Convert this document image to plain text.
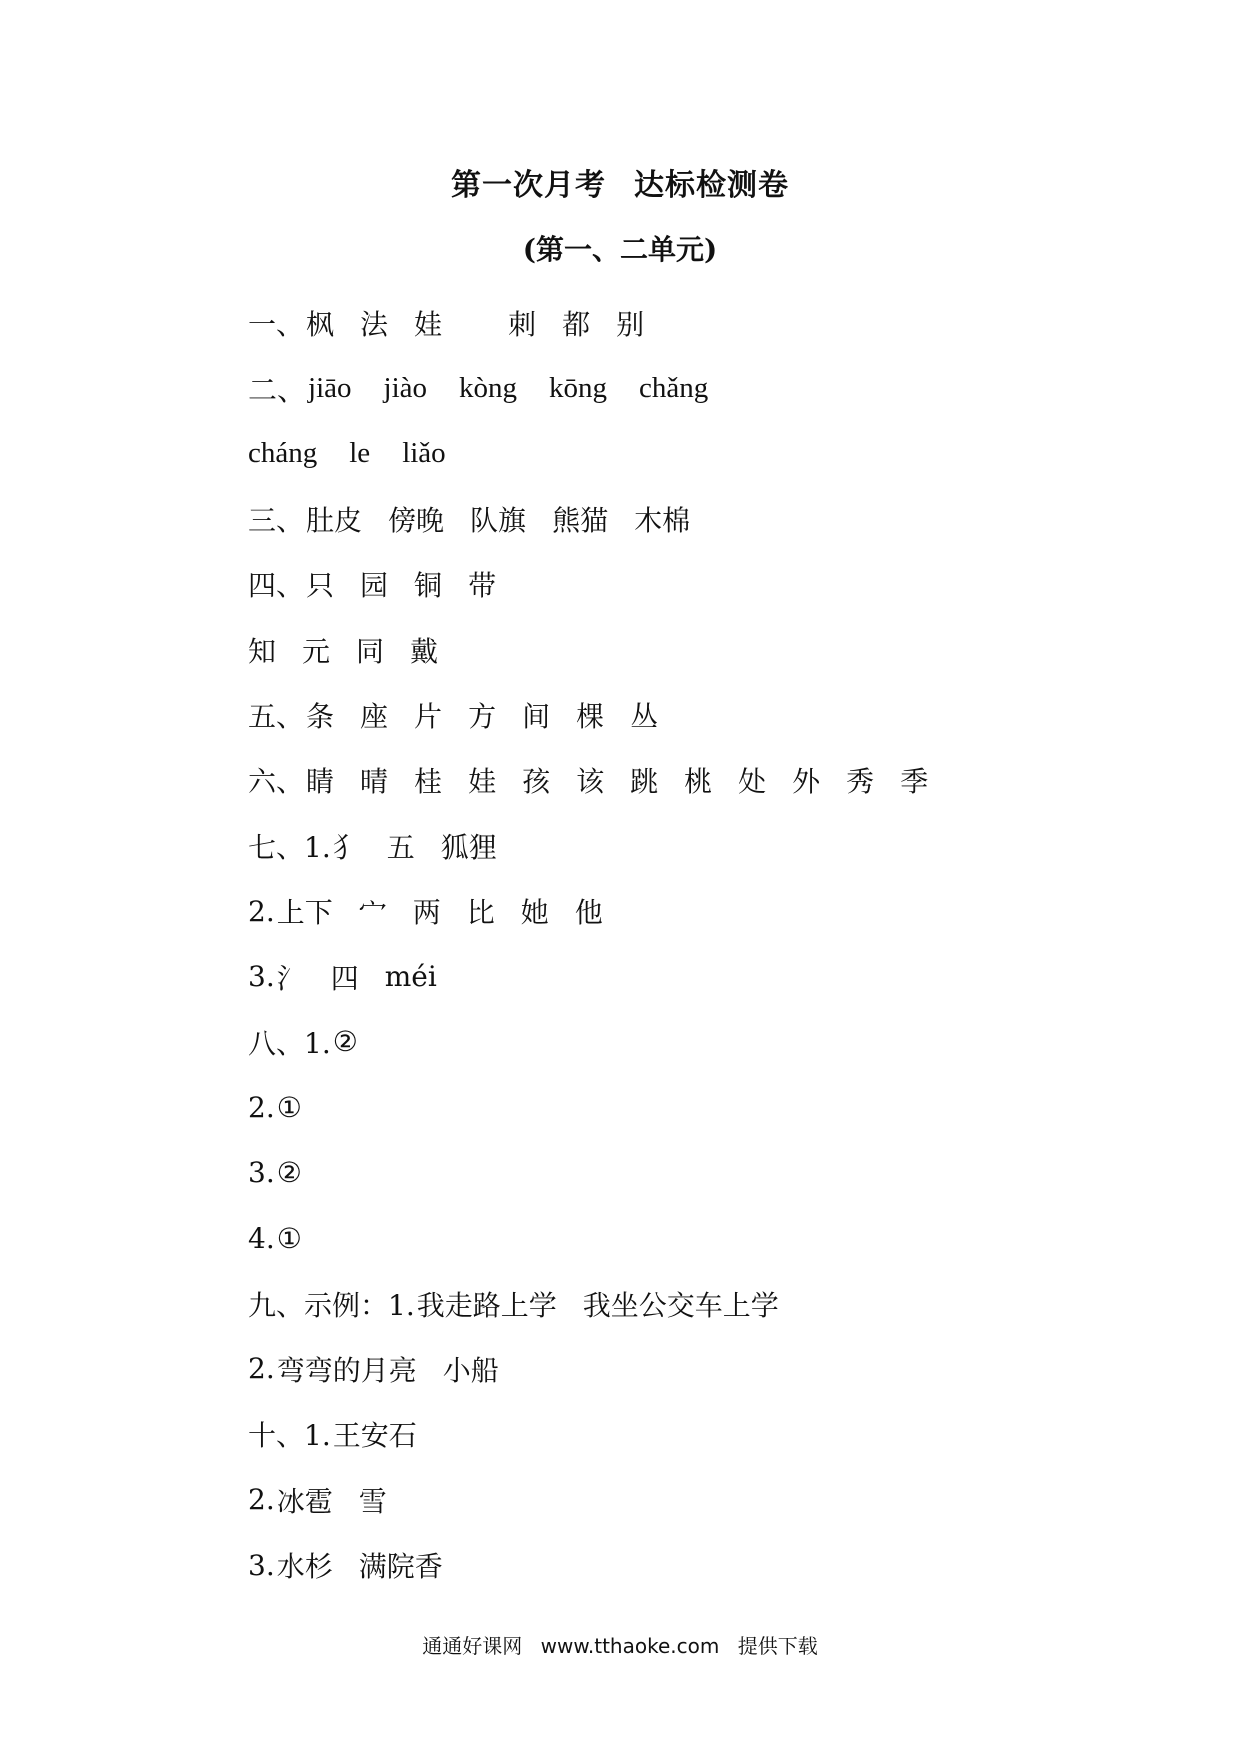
第一次月考 达标检测卷
(第一、二单元)
一、 枫 法 娃 刺 都 别
二、 jiāo jiào kòng kōng chǎng
cháng le liǎo
三、 肚皮 傍晚 队旗 熊猫 木棉
四、 只 园 铜 带
知 元 同 戴
五、 条 座 片 方 间 棵 丛
六、 睛 晴 桂 娃 孩 该 跳 桃 处 外 秀 季
七、1. 犭 五 狐狸
2. 上下 宀 两 比 她 他
3. 氵 四 méi
八、1. ②
2. ①
3. ②
4. ①
九、示例：1. 我走路上学 我坐公交车上学
2. 弯弯的月亮 小船
十、1. 王安石
2. 冰雹 雪
3. 水杉 满院香
通通好课网 www.tthaoke.com 提供下载
